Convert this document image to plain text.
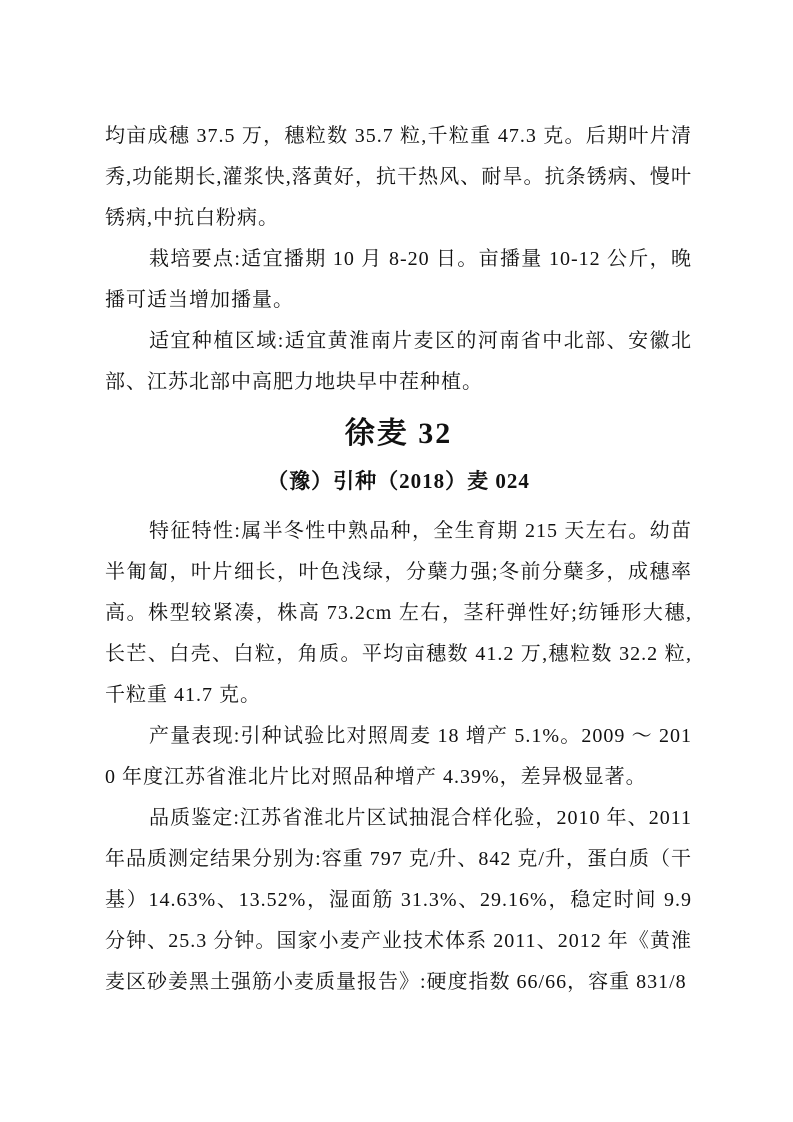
均亩成穗 37.5 万，穗粒数 35.7 粒,千粒重 47.3 克。后期叶片清秀,功能期长,灌浆快,落黄好，抗干热风、耐旱。抗条锈病、慢叶锈病,中抗白粉病。

栽培要点:适宜播期 10 月 8-20 日。亩播量 10-12 公斤，晚播可适当增加播量。

适宜种植区域:适宜黄淮南片麦区的河南省中北部、安徽北部、江苏北部中高肥力地块早中茬种植。

徐麦 32
（豫）引种（2018）麦 024

特征特性:属半冬性中熟品种，全生育期 215 天左右。幼苗半匍匐，叶片细长，叶色浅绿，分蘖力强;冬前分蘖多，成穗率高。株型较紧凑，株高 73.2cm 左右，茎秆弹性好;纺锤形大穗,长芒、白壳、白粒，角质。平均亩穗数 41.2 万,穗粒数 32.2 粒,千粒重 41.7 克。

产量表现:引种试验比对照周麦 18 增产 5.1%。2009 ～ 2010 年度江苏省淮北片比对照品种增产 4.39%，差异极显著。

品质鉴定:江苏省淮北片区试抽混合样化验，2010 年、2011 年品质测定结果分别为:容重 797 克/升、842 克/升，蛋白质（干基）14.63%、13.52%，湿面筋 31.3%、29.16%，稳定时间 9.9 分钟、25.3 分钟。国家小麦产业技术体系 2011、2012 年《黄淮麦区砂姜黑土强筋小麦质量报告》:硬度指数 66/66，容重 831/8
